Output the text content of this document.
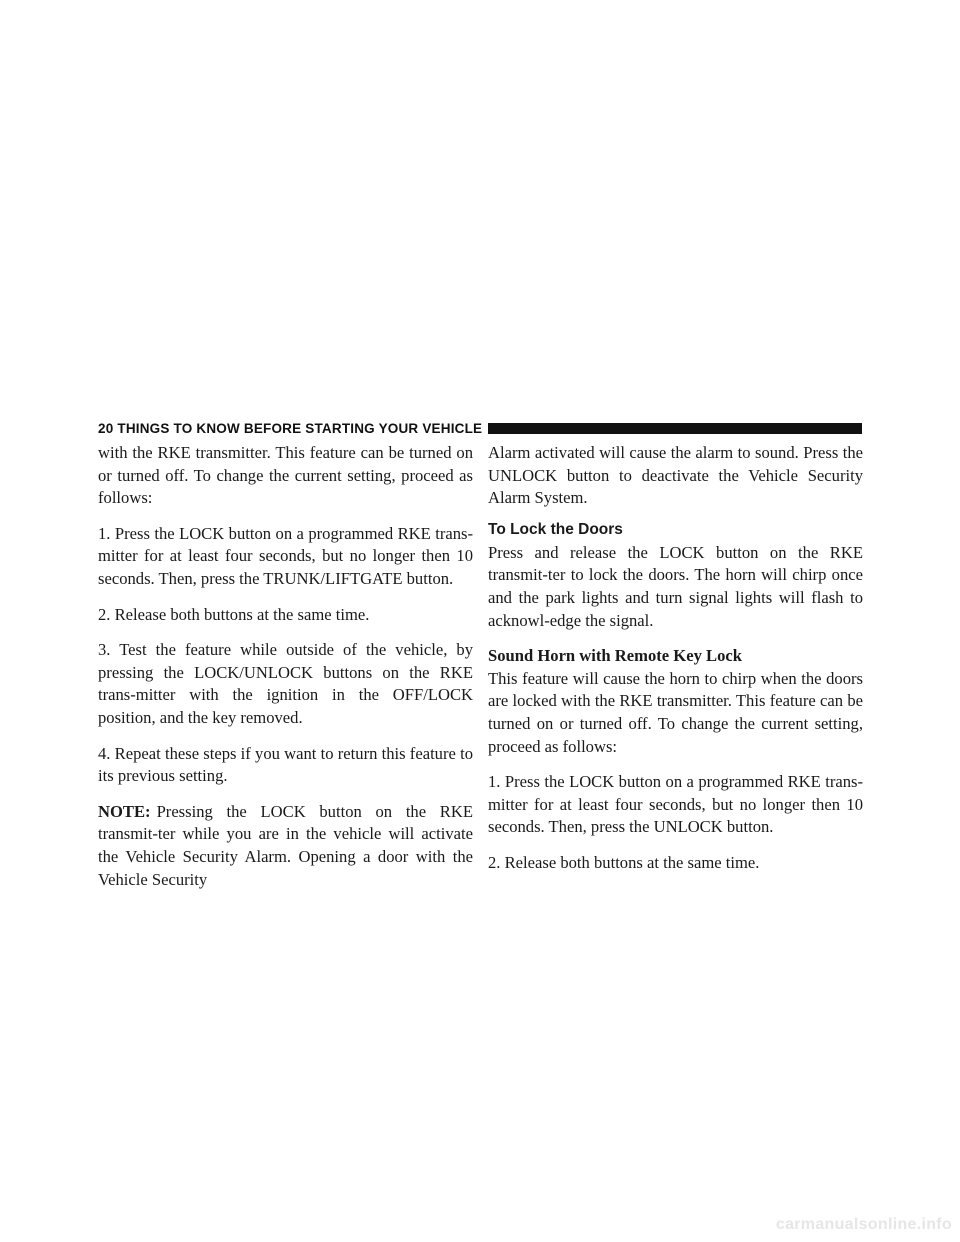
20 THINGS TO KNOW BEFORE STARTING YOUR VEHICLE

with the RKE transmitter. This feature can be turned on or turned off. To change the current setting, proceed as follows:

1. Press the LOCK button on a programmed RKE trans-mitter for at least four seconds, but no longer then 10 seconds. Then, press the TRUNK/LIFTGATE button.

2. Release both buttons at the same time.

3. Test the feature while outside of the vehicle, by pressing the LOCK/UNLOCK buttons on the RKE trans-mitter with the ignition in the OFF/LOCK position, and the key removed.

4. Repeat these steps if you want to return this feature to its previous setting.

NOTE: Pressing the LOCK button on the RKE transmit-ter while you are in the vehicle will activate the Vehicle Security Alarm. Opening a door with the Vehicle Security

Alarm activated will cause the alarm to sound. Press the UNLOCK button to deactivate the Vehicle Security Alarm System.

To Lock the Doors

Press and release the LOCK button on the RKE transmit-ter to lock the doors. The horn will chirp once and the park lights and turn signal lights will flash to acknowl-edge the signal.

Sound Horn with Remote Key Lock

This feature will cause the horn to chirp when the doors are locked with the RKE transmitter. This feature can be turned on or turned off. To change the current setting, proceed as follows:

1. Press the LOCK button on a programmed RKE trans-mitter for at least four seconds, but no longer then 10 seconds. Then, press the UNLOCK button.

2. Release both buttons at the same time.

carmanualsonline.info
